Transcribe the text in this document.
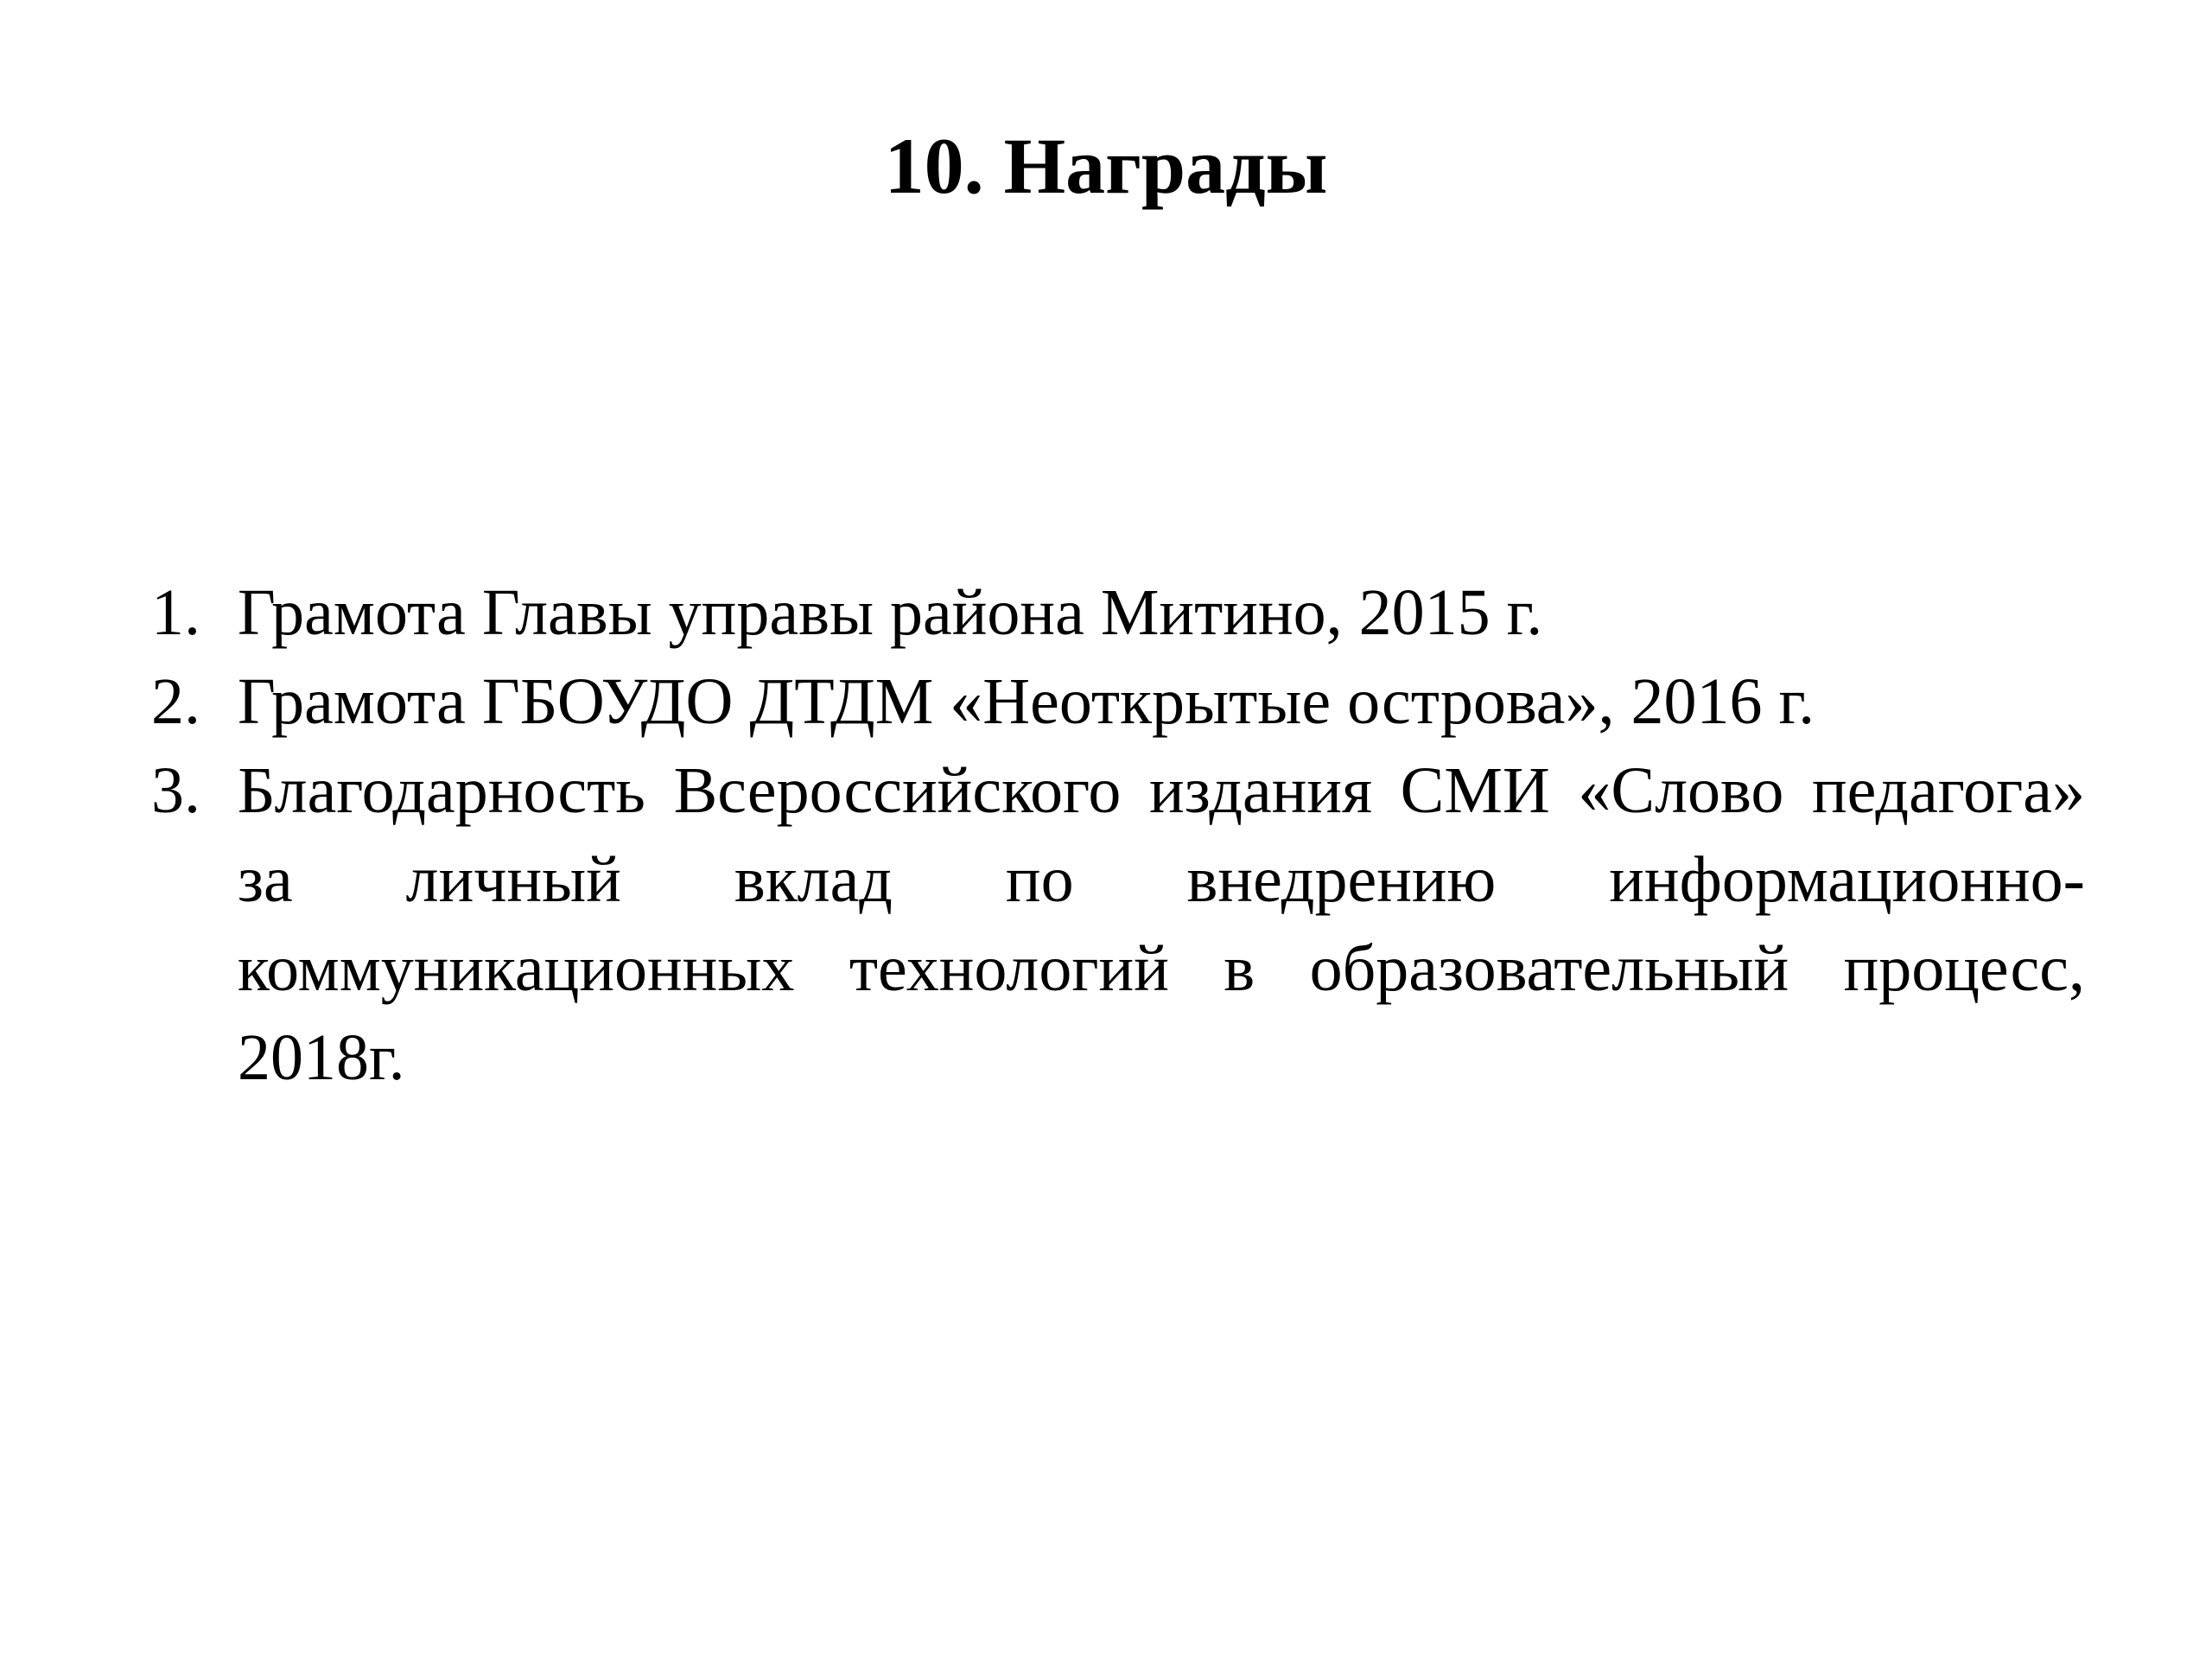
10. Награды
1. Грамота Главы управы района Митино, 2015 г.
2. Грамота ГБОУДО ДТДМ «Неоткрытые острова», 2016 г.
3. Благодарность Всероссийского издания СМИ «Слово педагога» за личный вклад по внедрению информационно-коммуникационных технологий в образовательный процесс, 2018г.
